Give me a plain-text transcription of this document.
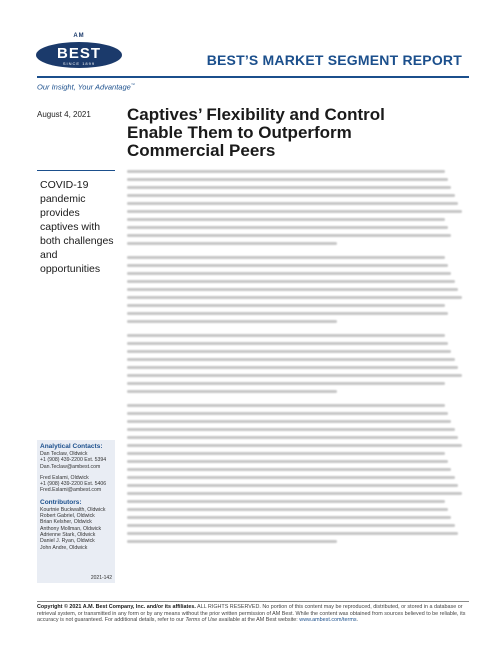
AM
BEST
SINCE 1899	BEST’S MARKET SEGMENT REPORT
Our Insight, Your Advantage™
August 4, 2021 Captives’ Flexibility and Control Enable Them to Outperform Commercial Peers
COVID-19 pandemic provides captives with both challenges and opportunities
Analytical Contacts:
Dan Teclaw, Oldwick
+1 (908) 439-2200 Ext. 5394
Dan.Teclaw@ambest.com
Fred Eslami, Oldwick
+1 (908) 439-2200 Ext. 5406
Fred.Eslami@ambest.com
Contributors:
Kourtnie Buckwalth, Oldwick
Robert Gabriel, Oldwick
Brian Kelsher, Oldwick
Anthony Mollman, Oldwick
Adrienne Stark, Oldwick
Daniel J. Ryan, Oldwick
John Andre, Oldwick
2021-142
Copyright © 2021 A.M. Best Company, Inc. and/or its affiliates. ALL RIGHTS RESERVED. No portion of this content may be reproduced, distributed, or stored in a database or retrieval system, or transmitted in any form or by any means without the prior written permission of AM Best. While the content was obtained from sources believed to be reliable, its accuracy is not guaranteed. For additional details, refer to our Terms of Use available at the AM Best website: www.ambest.com/terms.
